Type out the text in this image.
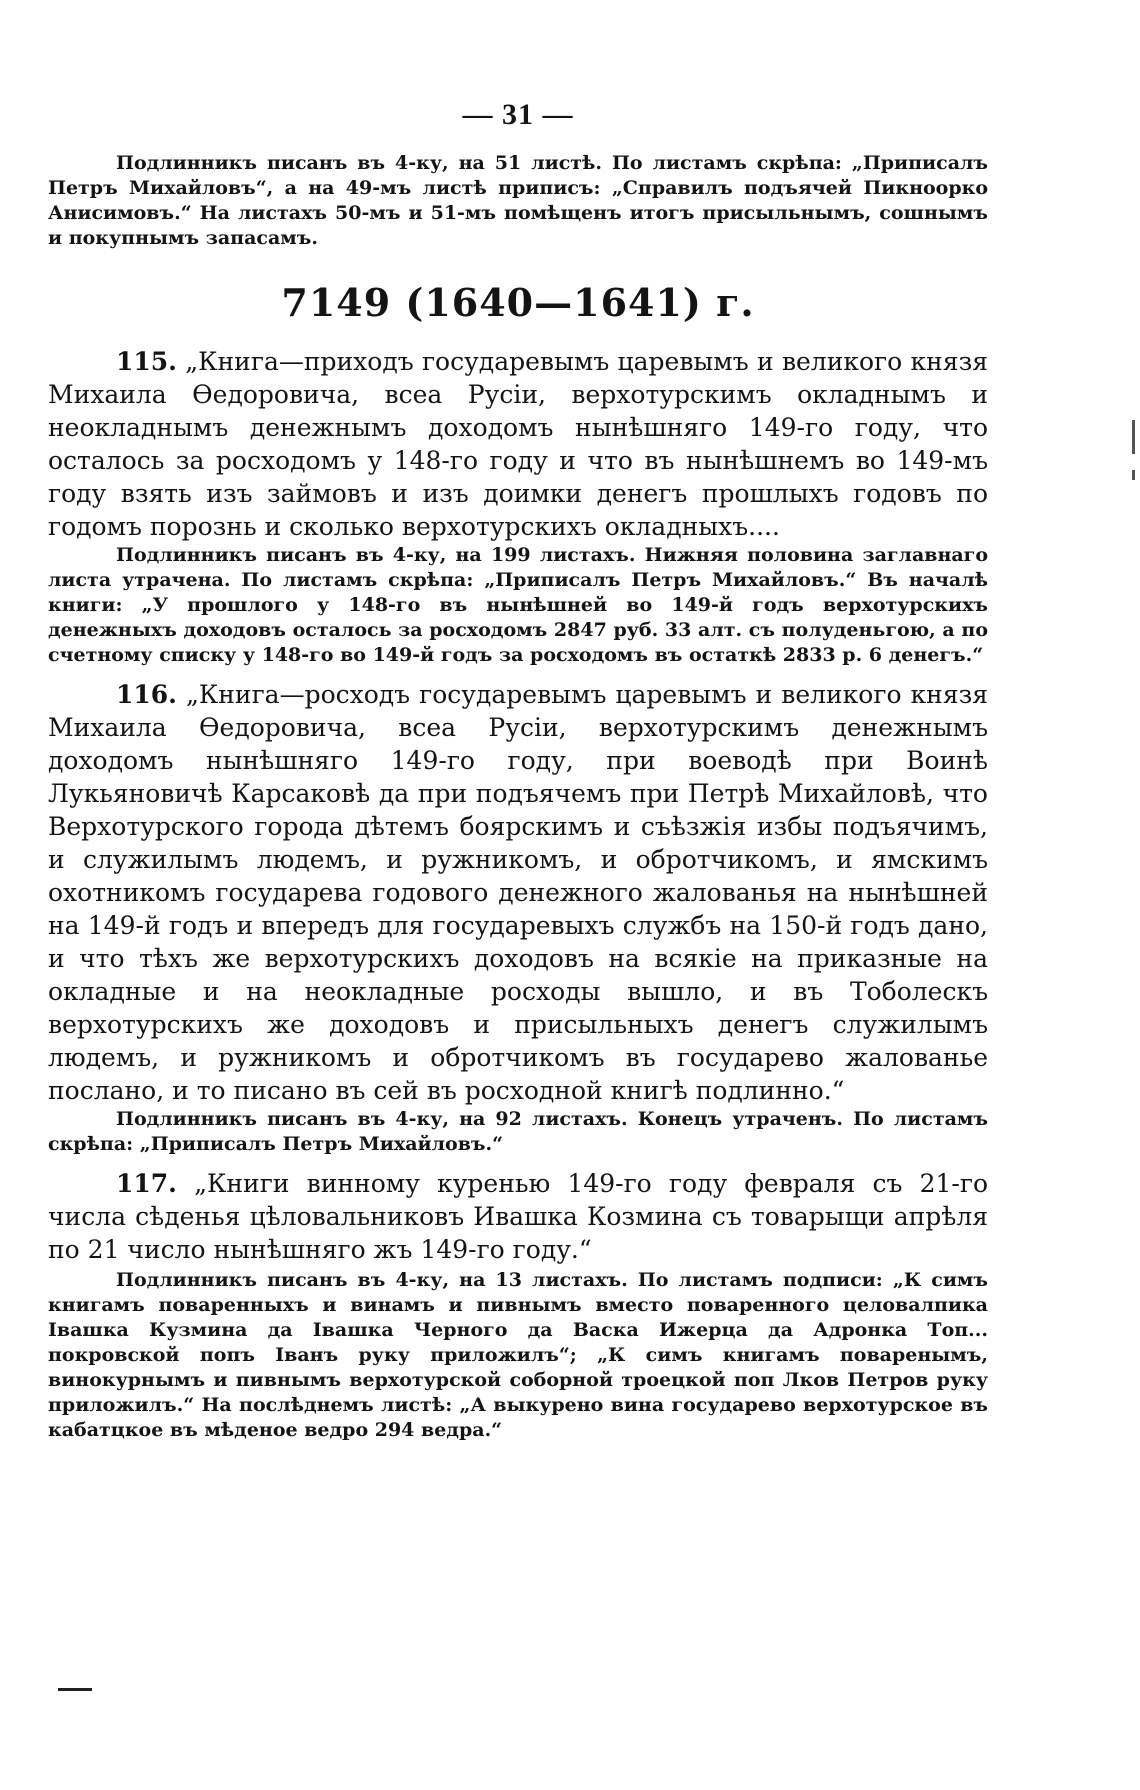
— 31 —

Подлинникъ писанъ въ 4-ку, на 51 листѣ. По листамъ скрѣпа: „Приписалъ Петръ Михайловъ“, а на 49-мъ листѣ приписъ: „Справилъ подъячей Пикноорко Анисимовъ.“ На листахъ 50-мъ и 51-мъ помѣщенъ итогъ присыльнымъ, сошнымъ и покупнымъ запасамъ.

7149 (1640—1641) г.

115. „Книга—приходъ государевымъ царевымъ и великого князя Михаила Өедоровича, всеа Русіи, верхотурскимъ окладнымъ и неокладнымъ денежнымъ доходомъ нынѣшняго 149-го году, что осталось за росходомъ у 148-го году и что въ нынѣшнемъ во 149-мъ году взять изъ займовъ и изъ доимки денегъ прошлыхъ годовъ по годомъ порознь и сколько верхотурскихъ окладныхъ....

Подлинникъ писанъ въ 4-ку, на 199 листахъ. Нижняя половина заглавнаго листа утрачена. По листамъ скрѣпа: „Приписалъ Петръ Михайловъ.“ Въ началѣ книги: „У прошлого у 148-го въ нынѣшней во 149-й годъ верхотурскихъ денежныхъ доходовъ осталось за росходомъ 2847 руб. 33 алт. съ полуденьгою, а по счетному списку у 148-го во 149-й годъ за росходомъ въ остаткѣ 2833 р. 6 денегъ.“

116. „Книга—росходъ государевымъ царевымъ и великого князя Михаила Өедоровича, всеа Русіи, верхотурскимъ денежнымъ доходомъ нынѣшняго 149-го году, при воеводѣ при Воинѣ Лукьяновичѣ Карсаковѣ да при подъячемъ при Петрѣ Михайловѣ, что Верхотурского города дѣтемъ боярскимъ и съѣзжія избы подъячимъ, и служилымъ людемъ, и ружникомъ, и обротчикомъ, и ямскимъ охотникомъ государева годового денежного жалованья на нынѣшней на 149-й годъ и впередъ для государевыхъ службъ на 150-й годъ дано, и что тѣхъ же верхотурскихъ доходовъ на всякіе на приказные на окладные и на неокладные росходы вышло, и въ Тоболескъ верхотурскихъ же доходовъ и присыльныхъ денегъ служилымъ людемъ, и ружникомъ и обротчикомъ въ государево жалованье послано, и то писано въ сей въ росходной книгѣ подлинно.“

Подлинникъ писанъ въ 4-ку, на 92 листахъ. Конецъ утраченъ. По листамъ скрѣпа: „Приписалъ Петръ Михайловъ.“

117. „Книги винному куренью 149-го году февраля съ 21-го числа сѣденья цѣловальниковъ Ивашка Козмина съ товарыщи апрѣля по 21 число нынѣшняго жъ 149-го году.“

Подлинникъ писанъ въ 4-ку, на 13 листахъ. По листамъ подписи: „К симъ книгамъ поваренныхъ и винамъ и пивнымъ вместо поваренного целовалпика Івашка Кузмина да Івашка Черного да Васка Ижерца да Адронка Топ... покровской попъ Іванъ руку приложилъ“; „К симъ книгамъ поваренымъ, винокурнымъ и пивнымъ верхотурской соборной троецкой поп Лков Петров руку приложилъ.“ На послѣднемъ листѣ: „А выкурено вина государево верхотурское въ кабатцкое въ мѣденое ведро 294 ведра.“
